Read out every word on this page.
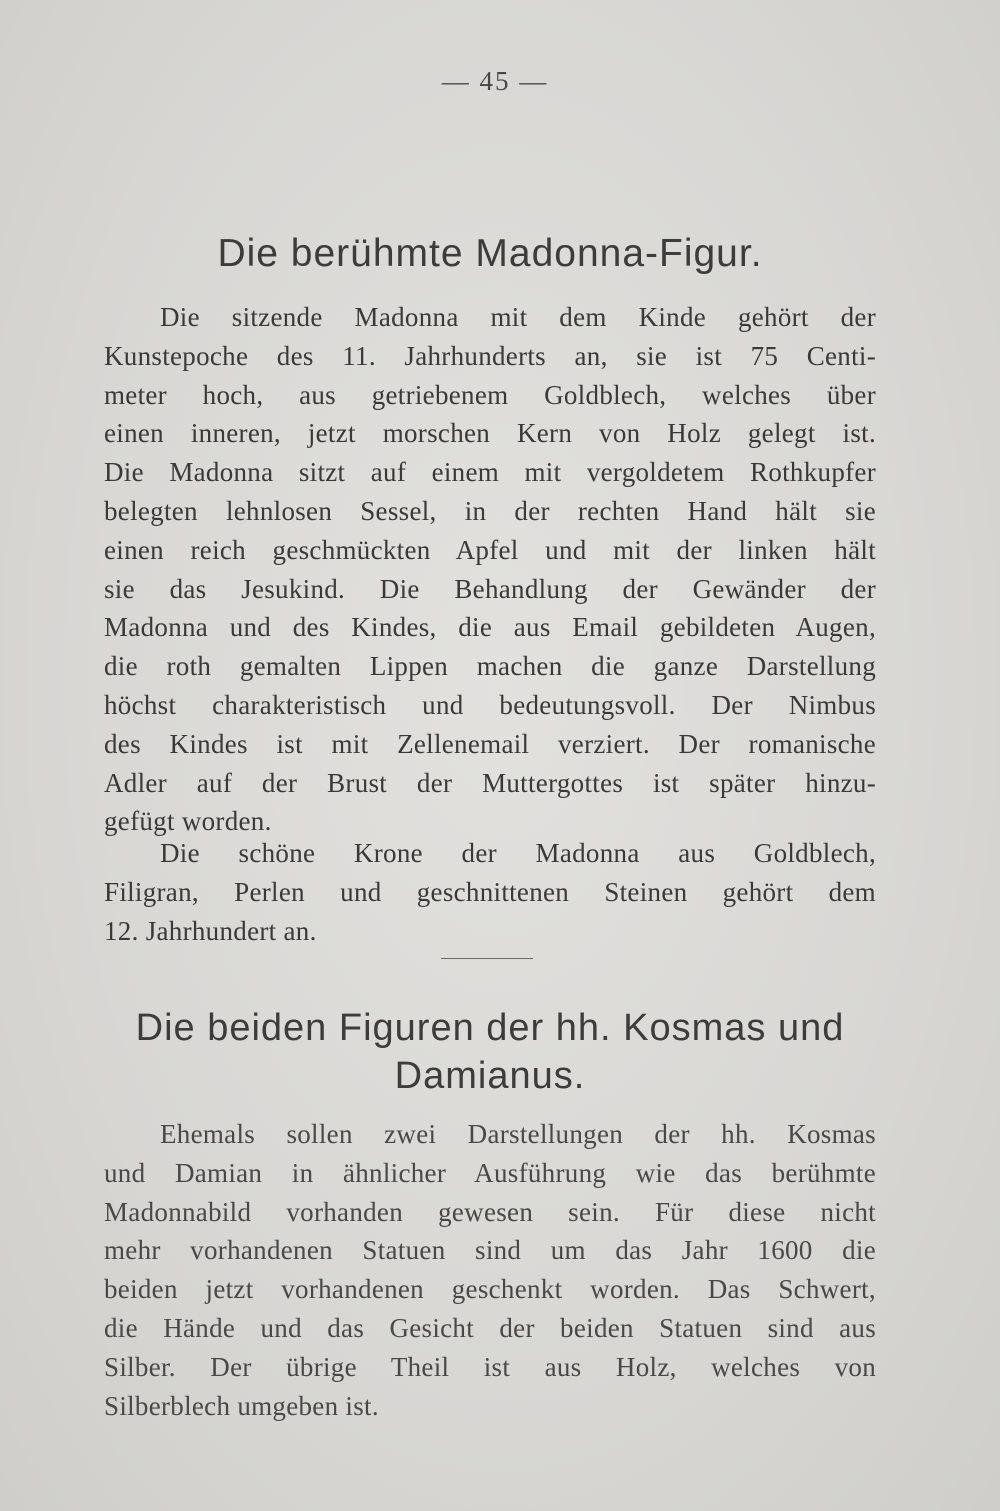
— 45 —
Die berühmte Madonna-Figur.
Die sitzende Madonna mit dem Kinde gehört der
Kunstepoche des 11. Jahrhunderts an, sie ist 75 Centi-
meter hoch, aus getriebenem Goldblech, welches über
einen inneren, jetzt morschen Kern von Holz gelegt ist.
Die Madonna sitzt auf einem mit vergoldetem Rothkupfer
belegten lehnlosen Sessel, in der rechten Hand hält sie
einen reich geschmückten Apfel und mit der linken hält
sie das Jesukind. Die Behandlung der Gewänder der
Madonna und des Kindes, die aus Email gebildeten Augen,
die roth gemalten Lippen machen die ganze Darstellung
höchst charakteristisch und bedeutungsvoll. Der Nimbus
des Kindes ist mit Zellenemail verziert. Der romanische
Adler auf der Brust der Muttergottes ist später hinzu-
gefügt worden.
Die schöne Krone der Madonna aus Goldblech,
Filigran, Perlen und geschnittenen Steinen gehört dem
12. Jahrhundert an.
Die beiden Figuren der hh. Kosmas und
Damianus.
Ehemals sollen zwei Darstellungen der hh. Kosmas
und Damian in ähnlicher Ausführung wie das berühmte
Madonnabild vorhanden gewesen sein. Für diese nicht
mehr vorhandenen Statuen sind um das Jahr 1600 die
beiden jetzt vorhandenen geschenkt worden. Das Schwert,
die Hände und das Gesicht der beiden Statuen sind aus
Silber. Der übrige Theil ist aus Holz, welches von
Silberblech umgeben ist.
